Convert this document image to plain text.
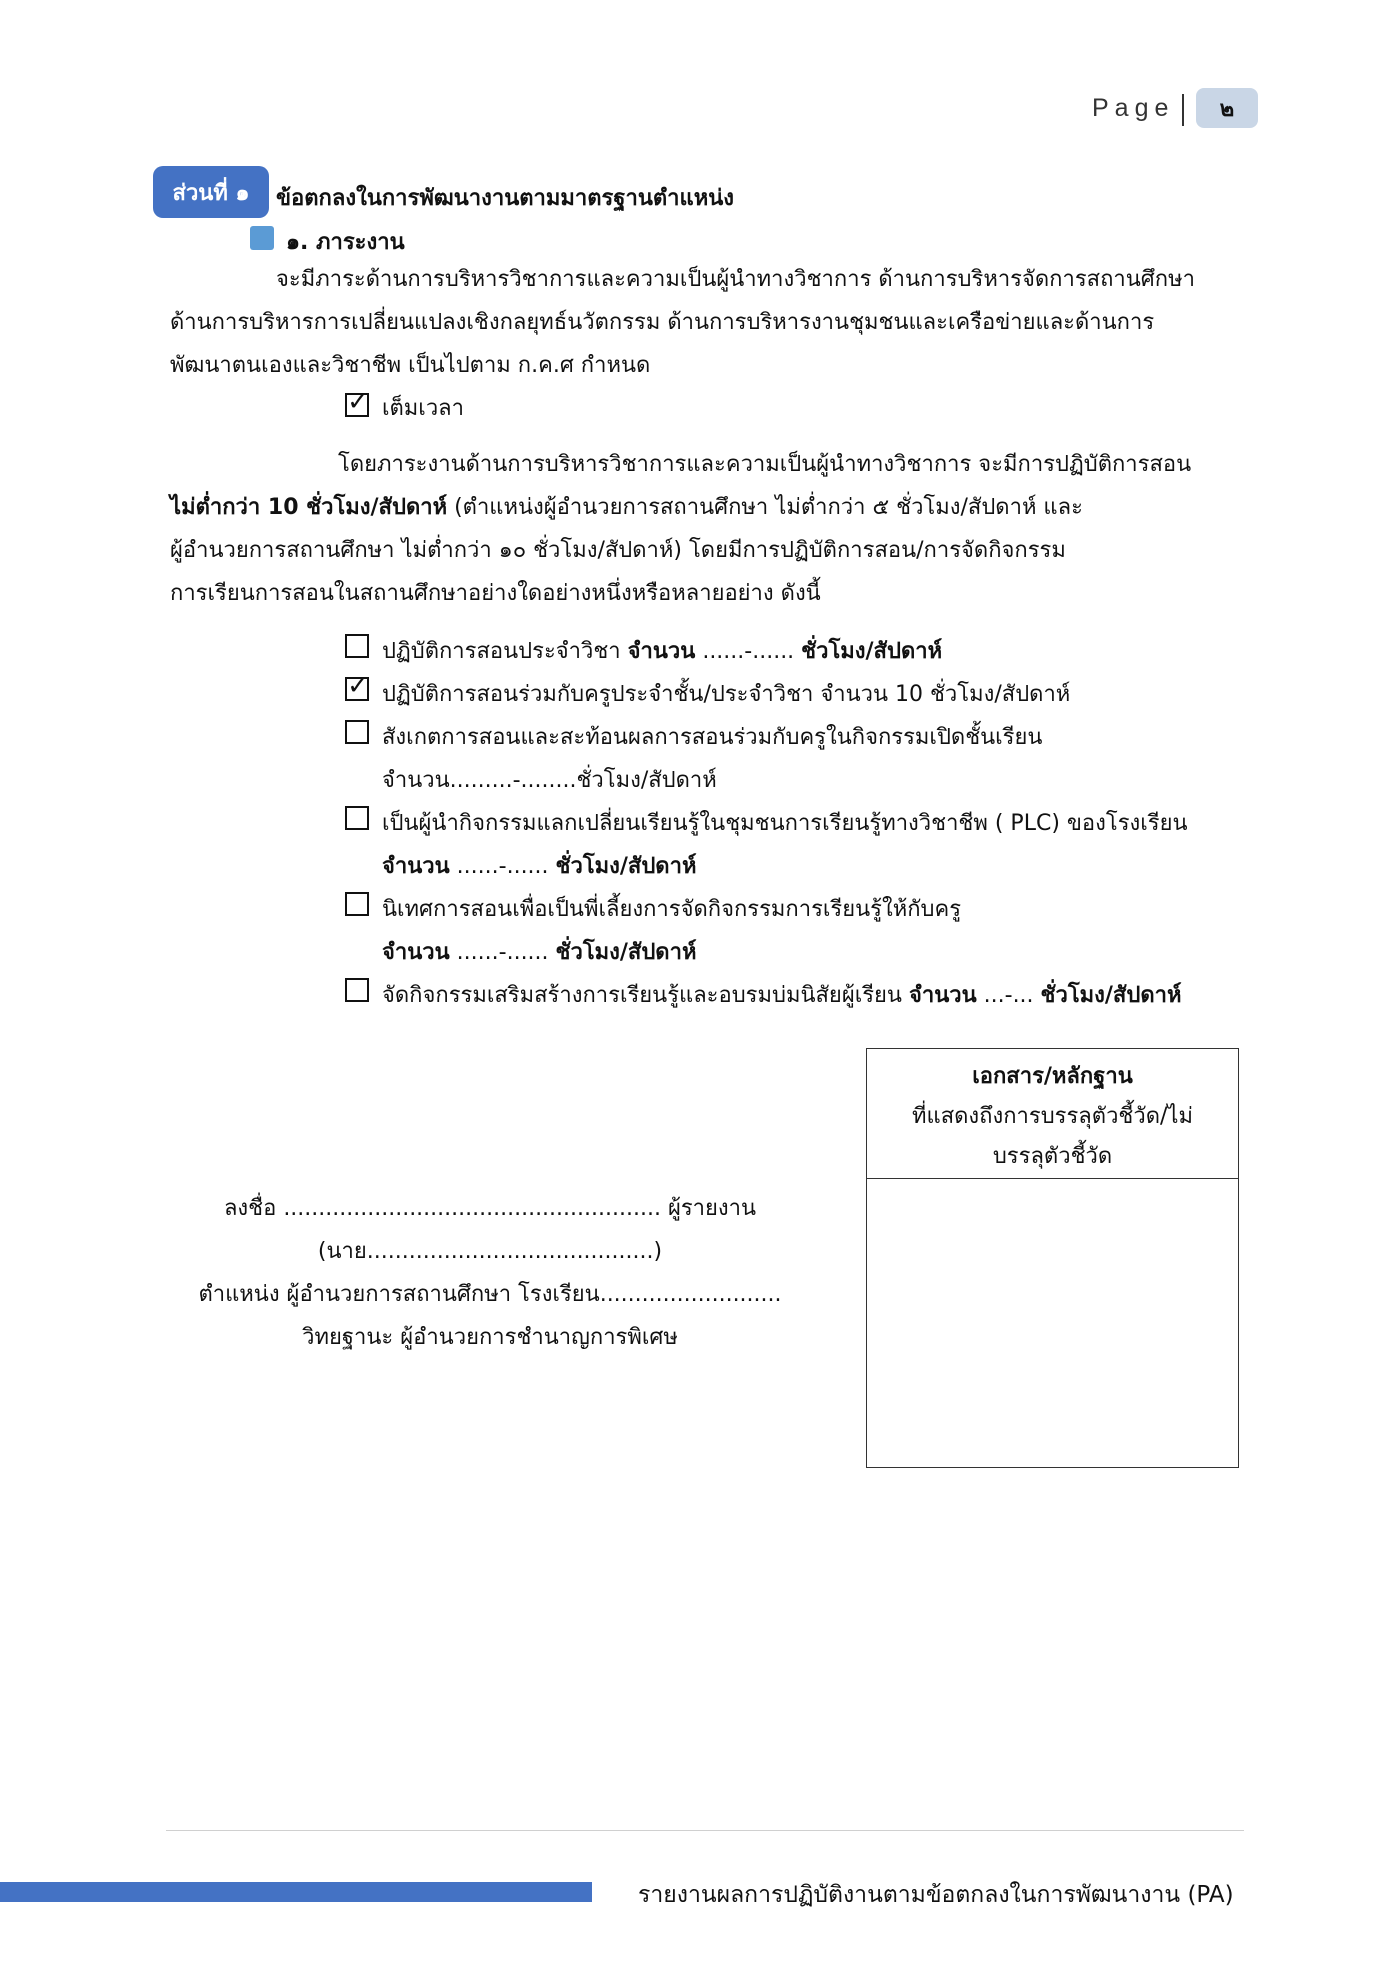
Page	๒
ส่วนที่ ๑	ข้อตกลงในการพัฒนางานตามมาตรฐานตำแหน่ง
๑. ภาระงาน
จะมีภาระด้านการบริหารวิชาการและความเป็นผู้นำทางวิชาการ ด้านการบริหารจัดการสถานศึกษา
ด้านการบริหารการเปลี่ยนแปลงเชิงกลยุทธ์นวัตกรรม ด้านการบริหารงานชุมชนและเครือข่ายและด้านการ
พัฒนาตนเองและวิชาชีพ เป็นไปตาม ก.ค.ศ กำหนด
✓ เต็มเวลา
โดยภาระงานด้านการบริหารวิชาการและความเป็นผู้นำทางวิชาการ จะมีการปฏิบัติการสอน
ไม่ต่ำกว่า 10 ชั่วโมง/สัปดาห์ (ตำแหน่งผู้อำนวยการสถานศึกษา ไม่ต่ำกว่า ๕ ชั่วโมง/สัปดาห์ และ
ผู้อำนวยการสถานศึกษา ไม่ต่ำกว่า ๑๐ ชั่วโมง/สัปดาห์) โดยมีการปฏิบัติการสอน/การจัดกิจกรรม
การเรียนการสอนในสถานศึกษาอย่างใดอย่างหนึ่งหรือหลายอย่าง ดังนี้
ปฏิบัติการสอนประจำวิชา จำนวน ......-...... ชั่วโมง/สัปดาห์
✓ ปฏิบัติการสอนร่วมกับครูประจำชั้น/ประจำวิชา จำนวน 10 ชั่วโมง/สัปดาห์
สังเกตการสอนและสะท้อนผลการสอนร่วมกับครูในกิจกรรมเปิดชั้นเรียน
จำนวน.........-........ชั่วโมง/สัปดาห์
เป็นผู้นำกิจกรรมแลกเปลี่ยนเรียนรู้ในชุมชนการเรียนรู้ทางวิชาชีพ ( PLC) ของโรงเรียน
จำนวน ......-...... ชั่วโมง/สัปดาห์
นิเทศการสอนเพื่อเป็นพี่เลี้ยงการจัดกิจกรรมการเรียนรู้ให้กับครู
จำนวน ......-...... ชั่วโมง/สัปดาห์
จัดกิจกรรมเสริมสร้างการเรียนรู้และอบรมบ่มนิสัยผู้เรียน จำนวน ...-... ชั่วโมง/สัปดาห์
เอกสาร/หลักฐาน
ที่แสดงถึงการบรรลุตัวชี้วัด/ไม่
บรรลุตัวชี้วัด
ลงชื่อ ...................................................... ผู้รายงาน
(นาย.........................................)
ตำแหน่ง ผู้อำนวยการสถานศึกษา โรงเรียน..........................
วิทยฐานะ ผู้อำนวยการชำนาญการพิเศษ
รายงานผลการปฏิบัติงานตามข้อตกลงในการพัฒนางาน (PA)
